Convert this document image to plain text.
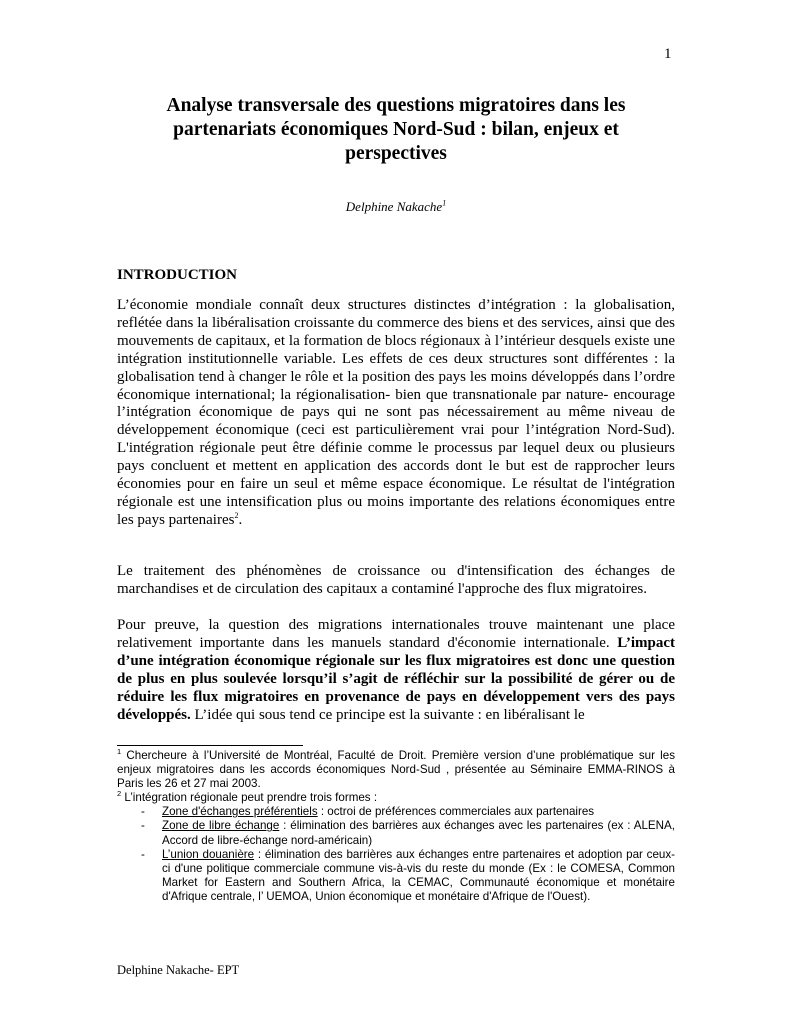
1
Analyse transversale des questions migratoires dans les partenariats économiques Nord-Sud : bilan, enjeux et perspectives
Delphine Nakache$^1$
INTRODUCTION

L’économie mondiale connaît deux structures distinctes d’intégration : la globalisation, reflétée dans la libéralisation croissante du commerce des biens et des services, ainsi que des mouvements de capitaux, et la formation de blocs régionaux à l’intérieur desquels existe une intégration institutionnelle variable. Les effets de ces deux structures sont différentes : la globalisation tend à changer le rôle et la position des pays les moins développés dans l’ordre économique international; la régionalisation- bien que transnationale par nature- encourage l’intégration économique de pays qui ne sont pas nécessairement au même niveau de développement économique (ceci est particulièrement vrai pour l’intégration Nord-Sud). L'intégration régionale peut être définie comme le processus par lequel deux ou plusieurs pays concluent et mettent en application des accords dont le but est de rapprocher leurs économies pour en faire un seul et même espace économique. Le résultat de l'intégration régionale est une intensification plus ou moins importante des relations économiques entre les pays partenaires$^2$.

Le traitement des phénomènes de croissance ou d'intensification des échanges de marchandises et de circulation des capitaux a contaminé l'approche des flux migratoires.

Pour preuve, la question des migrations internationales trouve maintenant une place relativement importante dans les manuels standard d'économie internationale. L’impact d’une intégration économique régionale sur les flux migratoires est donc une question de plus en plus soulevée lorsqu’il s’agit de réfléchir sur la possibilité de gérer ou de réduire les flux migratoires en provenance de pays en développement vers des pays développés. L’idée qui sous tend ce principe est la suivante : en libéralisant le

$^1$ Chercheure à l’Université de Montréal, Faculté de Droit. Première version d’une problématique sur les enjeux migratoires dans les accords économiques Nord-Sud , présentée au Séminaire EMMA-RINOS à Paris les 26 et 27 mai 2003.

$^2$ L’intégration régionale peut prendre trois formes :

- Zone d'échanges préférentiels : octroi de préférences commerciales aux partenaires
- Zone de libre échange : élimination des barrières aux échanges avec les partenaires (ex : ALENA, Accord de libre-échange nord-américain)
- L’union douanière : élimination des barrières aux échanges entre partenaires et adoption par ceux-ci d'une politique commerciale commune vis-à-vis du reste du monde (Ex : le COMESA, Common Market for Eastern and Southern Africa, la CEMAC, Communauté économique et monétaire d'Afrique centrale, l’ UEMOA, Union économique et monétaire d'Afrique de l'Ouest).
Delphine Nakache- EPT
